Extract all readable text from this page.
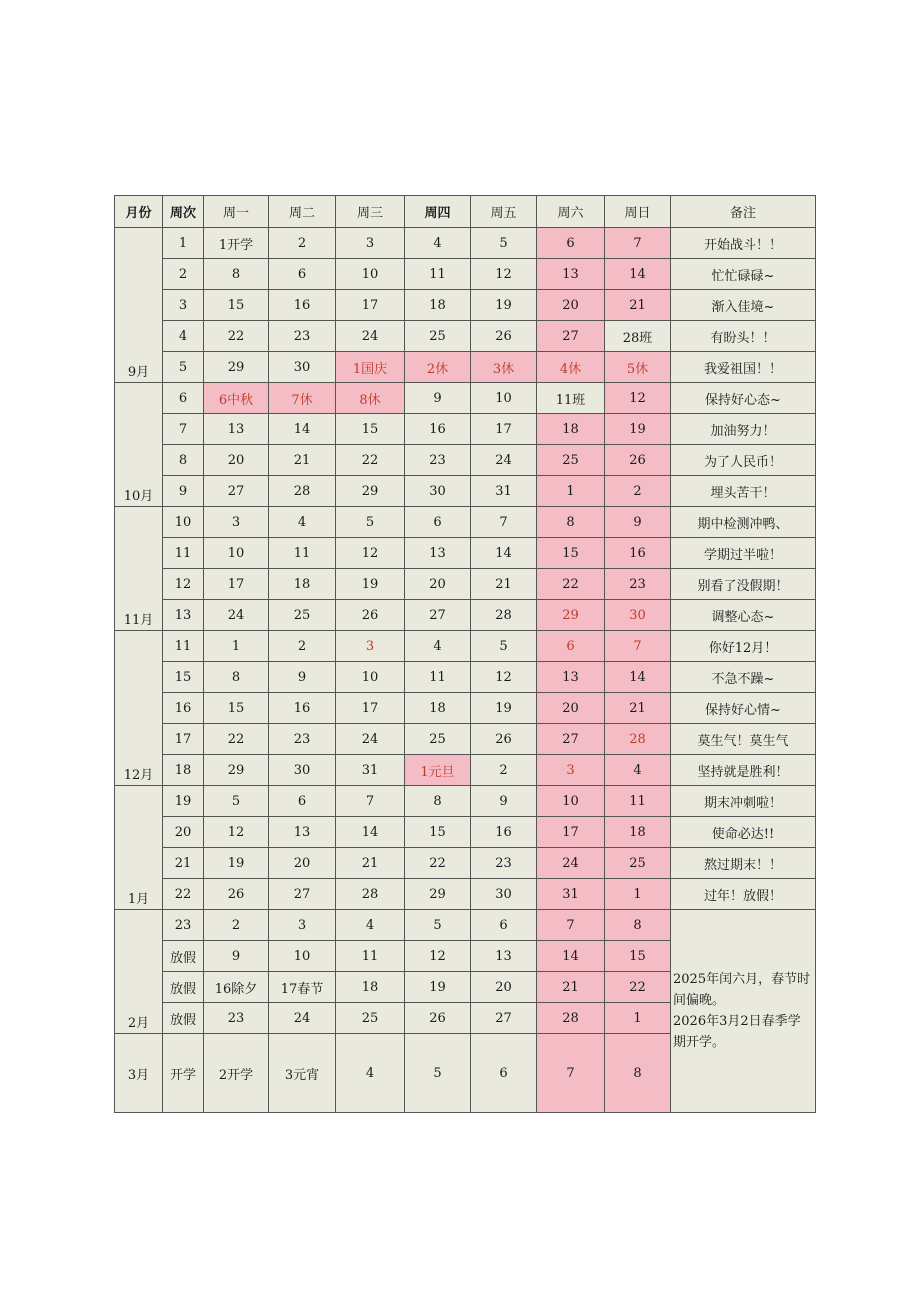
月份	周次	周一	周二	周三	周四	周五	周六	周日	备注
9月	1	1开学	2	3	4	5	6	7	开始战斗！！
	2	8	6	10	11	12	13	14	忙忙碌碌~
	3	15	16	17	18	19	20	21	渐入佳境~
	4	22	23	24	25	26	27	28班	有盼头！！
	5	29	30	1国庆	2休	3休	4休	5休	我爱祖国！！
10月	6	6中秋	7休	8休	9	10	11班	12	保持好心态~
	7	13	14	15	16	17	18	19	加油努力！
	8	20	21	22	23	24	25	26	为了人民币！
	9	27	28	29	30	31	1	2	埋头苦干！
11月	10	3	4	5	6	7	8	9	期中检测冲鸭、
	11	10	11	12	13	14	15	16	学期过半啦！
	12	17	18	19	20	21	22	23	别看了没假期！
	13	24	25	26	27	28	29	30	调整心态~
12月	11	1	2	3	4	5	6	7	你好12月！
	15	8	9	10	11	12	13	14	不急不躁~
	16	15	16	17	18	19	20	21	保持好心情~
	17	22	23	24	25	26	27	28	莫生气！莫生气
	18	29	30	31	1元旦	2	3	4	坚持就是胜利！
1月	19	5	6	7	8	9	10	11	期末冲刺啦！
	20	12	13	14	15	16	17	18	使命必达!!
	21	19	20	21	22	23	24	25	熬过期末！！
	22	26	27	28	29	30	31	1	过年！放假！
2月	23	2	3	4	5	6	7	8	2025年闰六月，春节时间偏晚。2026年3月2日春季学期开学。
	放假	9	10	11	12	13	14	15	
	放假	16除夕	17春节	18	19	20	21	22	
	放假	23	24	25	26	27	28	1	
3月	开学	2开学	3元宵	4	5	6	7	8	
